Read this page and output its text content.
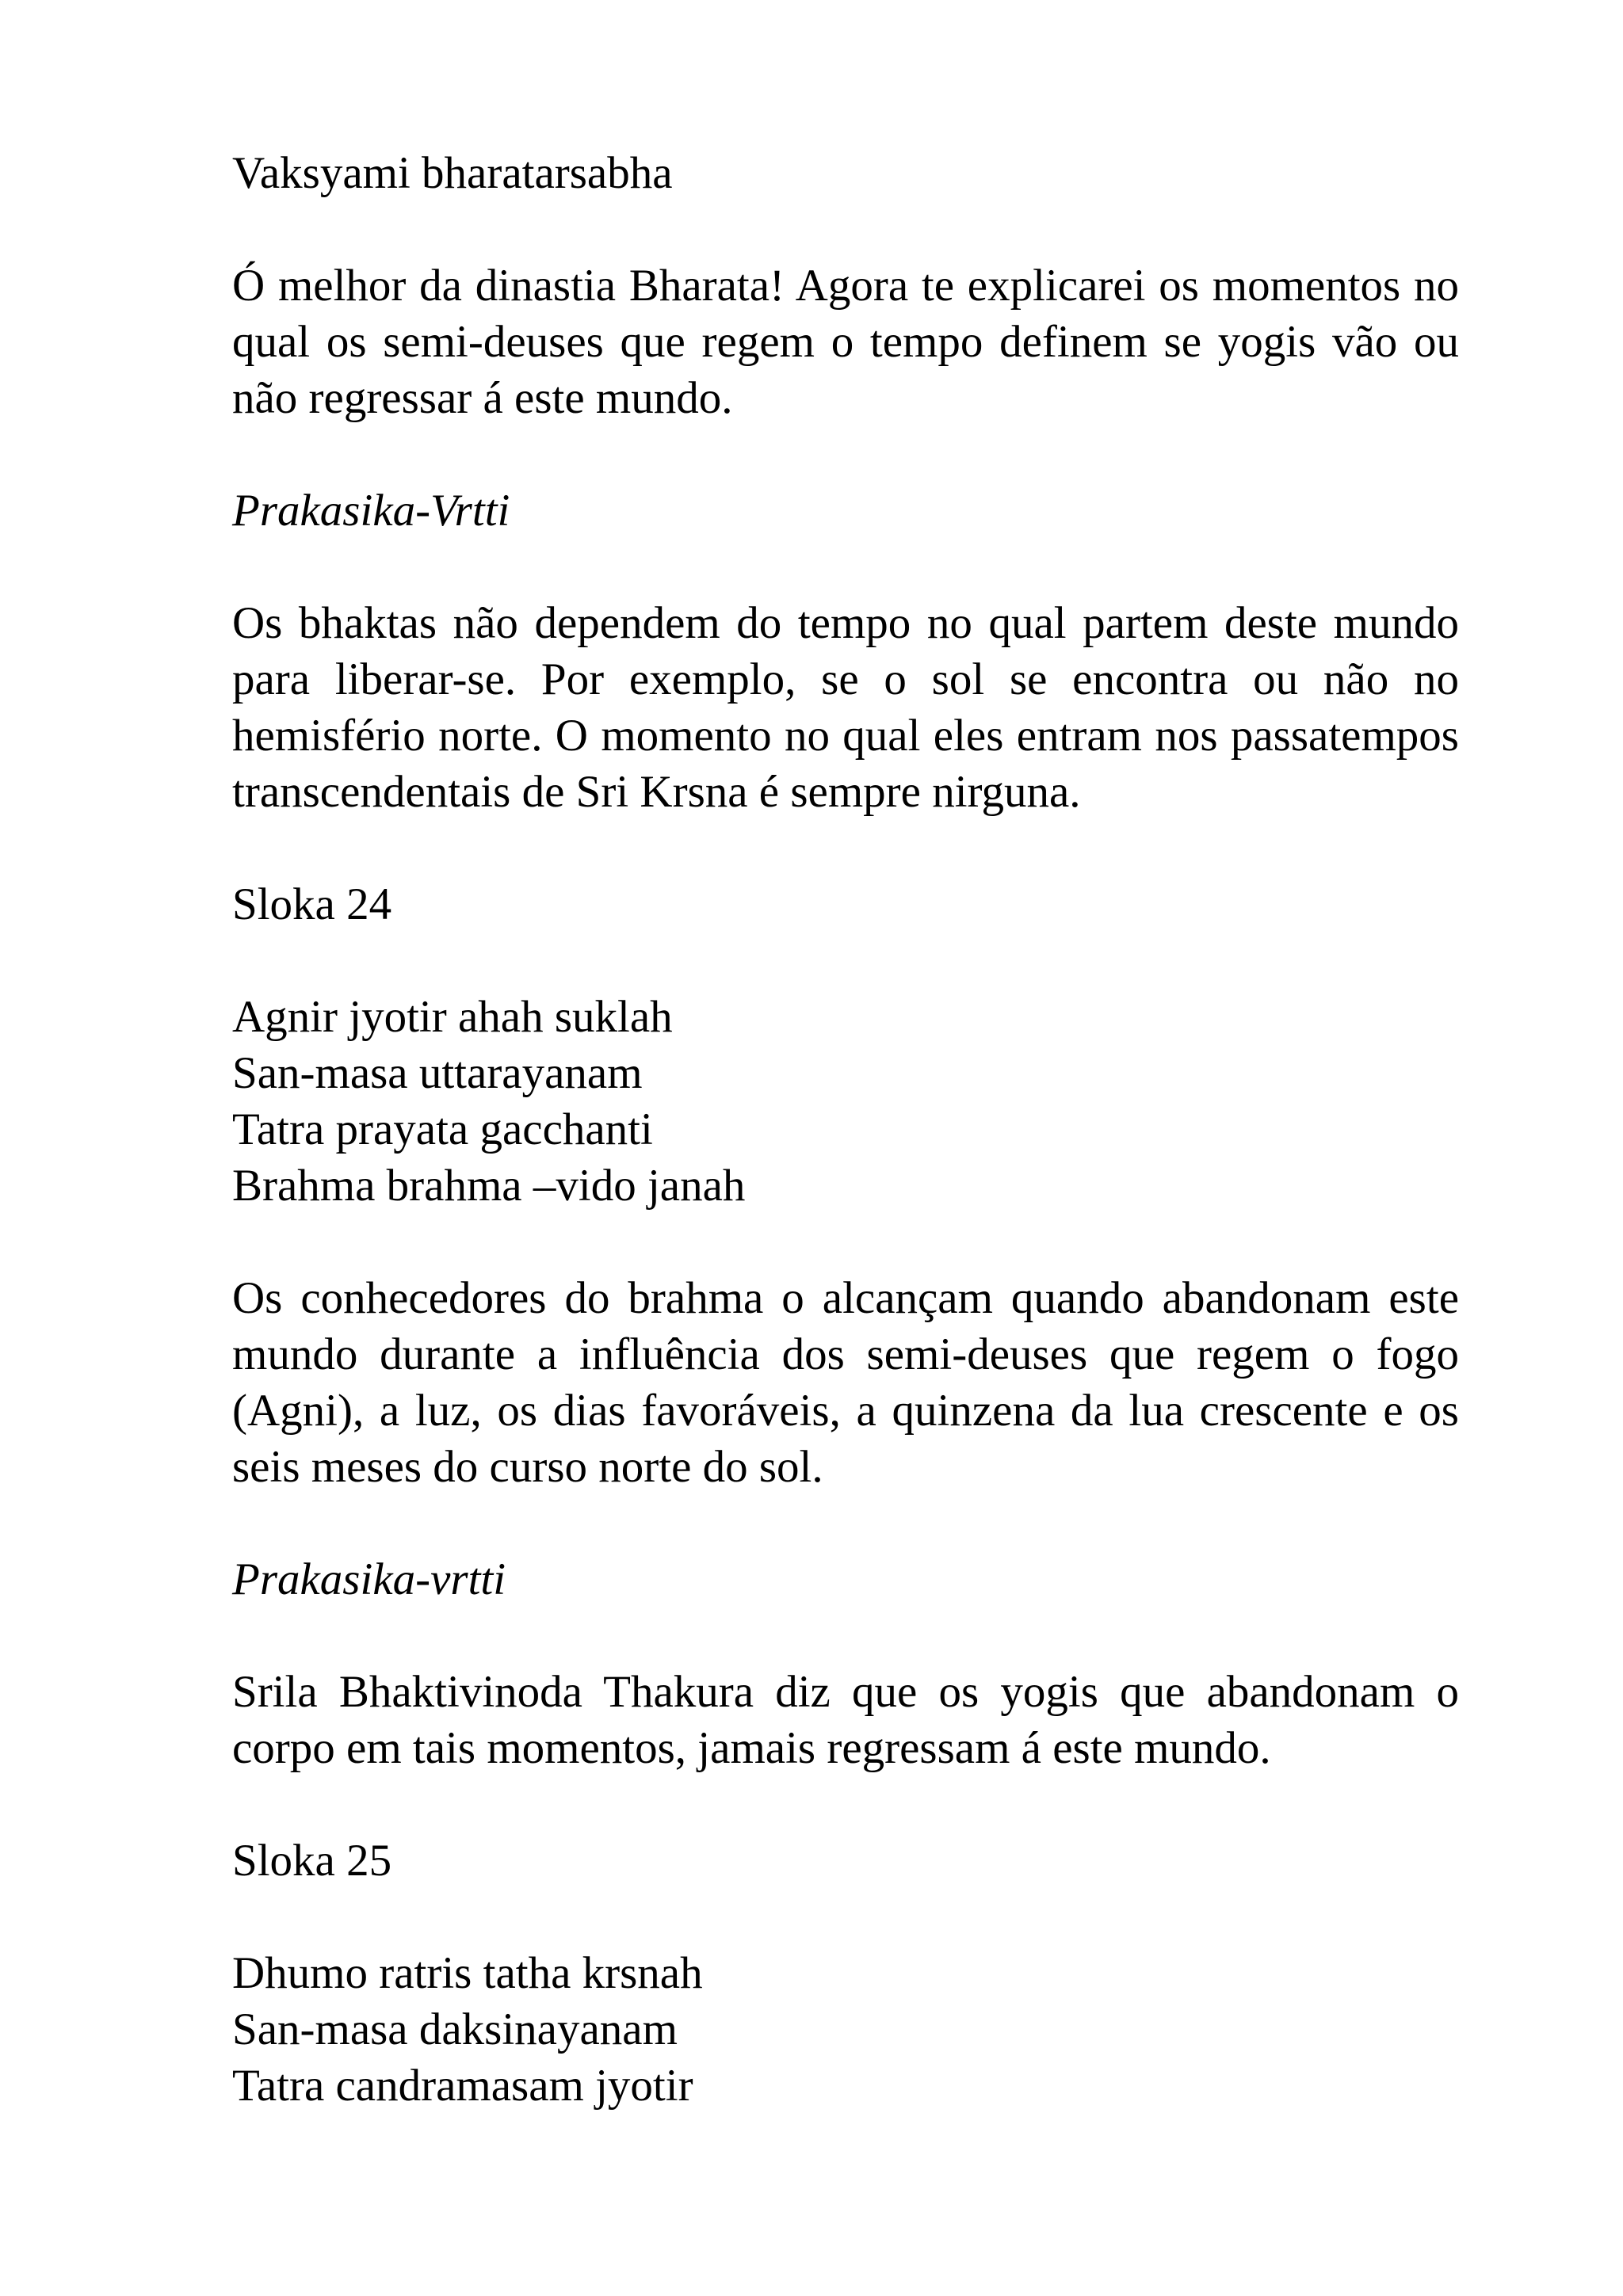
Vaksyami bharatarsabha

Ó melhor da dinastia Bharata! Agora te explicarei os momentos no qual os semi-deuses que regem o tempo definem se yogis vão ou não regressar á este mundo.

Prakasika-Vrtti

Os bhaktas não dependem do tempo no qual partem deste mundo para liberar-se. Por exemplo, se o sol se encontra ou não no hemisfério norte. O momento no qual eles entram nos passatempos transcendentais de Sri Krsna é sempre nirguna.

Sloka 24

Agnir jyotir ahah suklah
San-masa uttarayanam
Tatra prayata gacchanti
Brahma brahma –vido janah

Os conhecedores do brahma o alcançam quando abandonam este mundo durante a influência dos semi-deuses que regem o fogo (Agni), a luz, os dias favoráveis, a quinzena da lua crescente e os seis meses do curso norte do sol.

Prakasika-vrtti

Srila Bhaktivinoda Thakura diz que os yogis que abandonam o corpo em tais momentos, jamais regressam á este mundo.

Sloka 25

Dhumo ratris tatha krsnah
San-masa daksinayanam
Tatra candramasam jyotir
